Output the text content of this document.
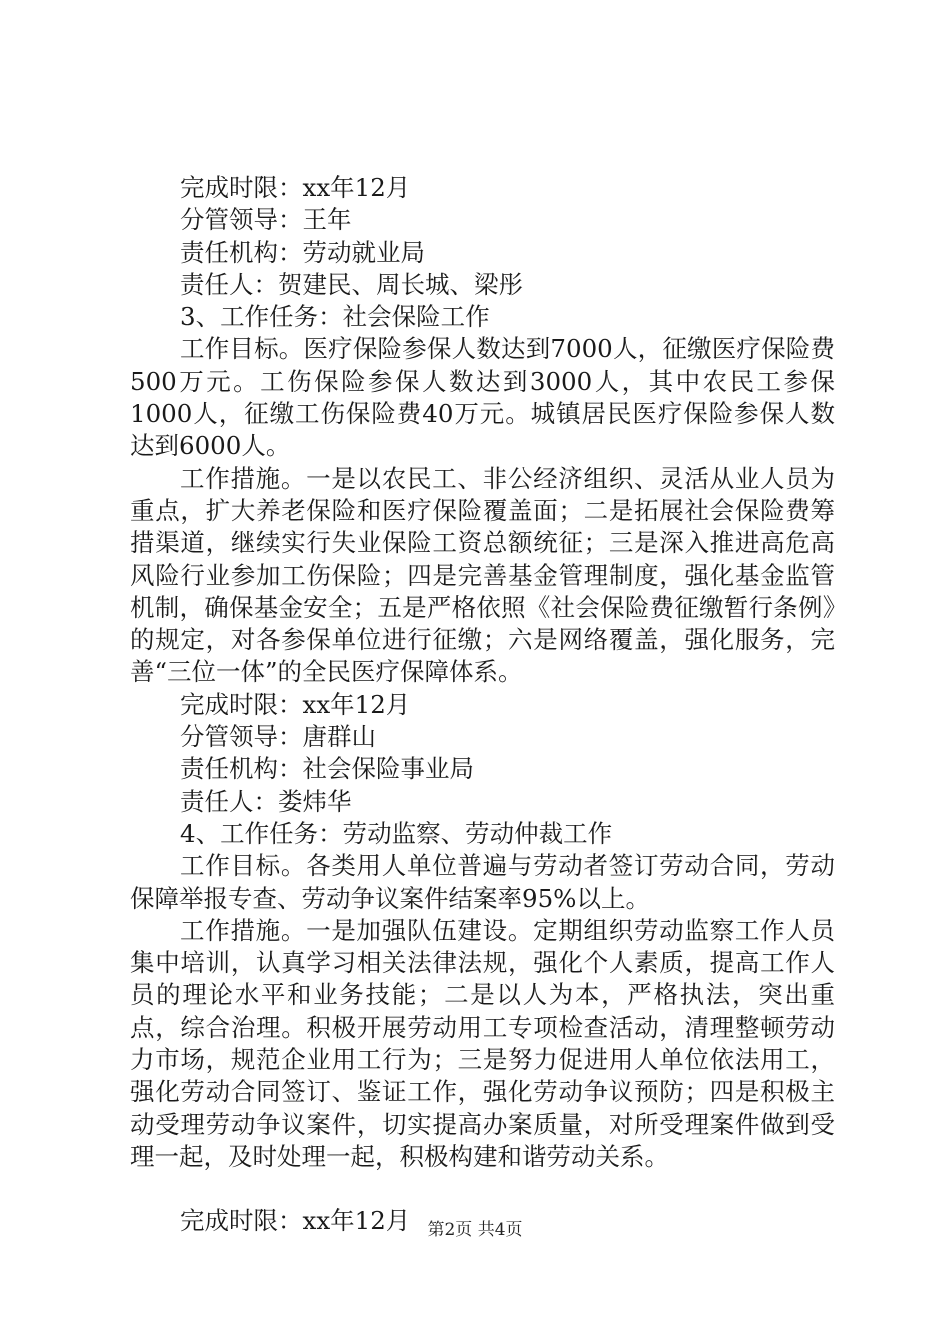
完成时限：xx年12月

分管领导：王年

责任机构：劳动就业局

责任人：贺建民、周长城、梁彤

3、工作任务：社会保险工作

工作目标。医疗保险参保人数达到7000人，征缴医疗保险费500万元。工伤保险参保人数达到3000人，其中农民工参保1000人，征缴工伤保险费40万元。城镇居民医疗保险参保人数达到6000人。

工作措施。一是以农民工、非公经济组织、灵活从业人员为重点，扩大养老保险和医疗保险覆盖面；二是拓展社会保险费筹措渠道，继续实行失业保险工资总额统征；三是深入推进高危高风险行业参加工伤保险；四是完善基金管理制度，强化基金监管机制，确保基金安全；五是严格依照《社会保险费征缴暂行条例》的规定，对各参保单位进行征缴；六是网络覆盖，强化服务，完善“三位一体”的全民医疗保障体系。

完成时限：xx年12月

分管领导：唐群山

责任机构：社会保险事业局

责任人：娄炜华

4、工作任务：劳动监察、劳动仲裁工作

工作目标。各类用人单位普遍与劳动者签订劳动合同，劳动保障举报专查、劳动争议案件结案率95%以上。

工作措施。一是加强队伍建设。定期组织劳动监察工作人员集中培训，认真学习相关法律法规，强化个人素质，提高工作人员的理论水平和业务技能；二是以人为本，严格执法，突出重点，综合治理。积极开展劳动用工专项检查活动，清理整顿劳动力市场，规范企业用工行为；三是努力促进用人单位依法用工，强化劳动合同签订、鉴证工作，强化劳动争议预防；四是积极主动受理劳动争议案件，切实提高办案质量，对所受理案件做到受理一起，及时处理一起，积极构建和谐劳动关系。

完成时限：xx年12月	第2页 共4页
